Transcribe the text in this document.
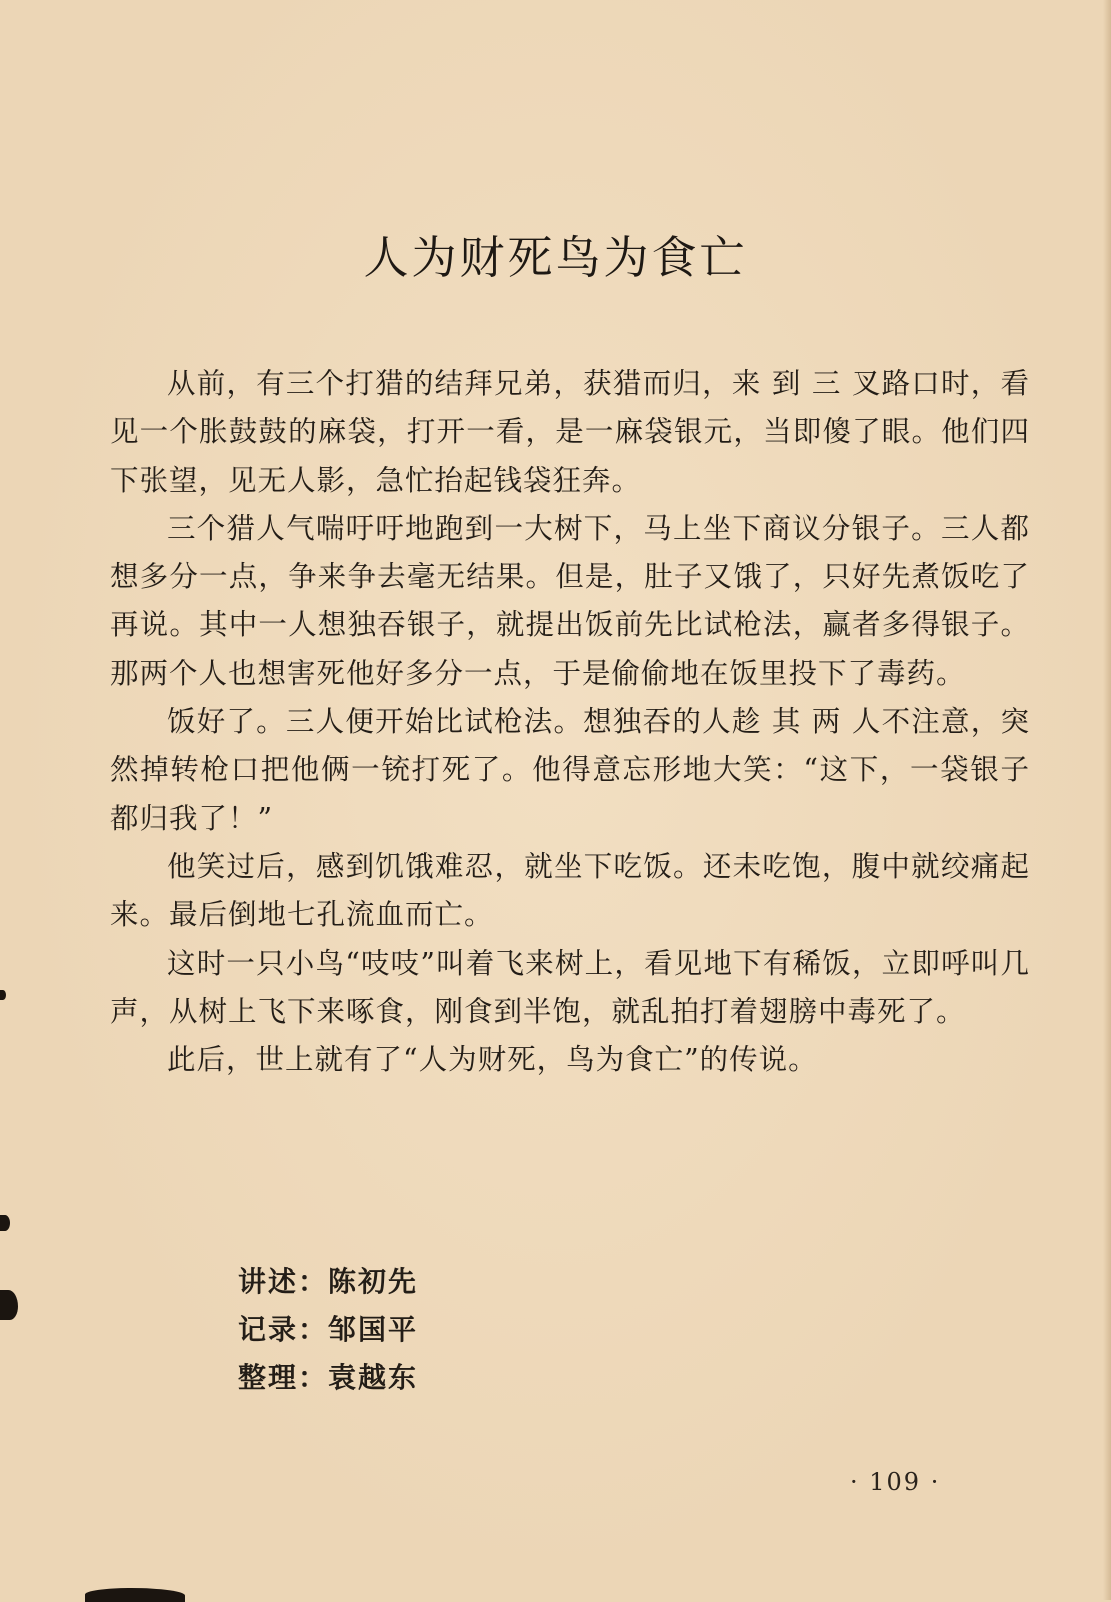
人为财死鸟为食亡

从前，有三个打猎的结拜兄弟，获猎而归，来 到 三 叉路口时，看见一个胀鼓鼓的麻袋，打开一看，是一麻袋银元，当即傻了眼。他们四下张望，见无人影，急忙抬起钱袋狂奔。

三个猎人气喘吁吁地跑到一大树下，马上坐下商议分银子。三人都想多分一点，争来争去毫无结果。但是，肚子又饿了，只好先煮饭吃了再说。其中一人想独吞银子，就提出饭前先比试枪法，赢者多得银子。那两个人也想害死他好多分一点，于是偷偷地在饭里投下了毒药。

饭好了。三人便开始比试枪法。想独吞的人趁 其 两 人不注意，突然掉转枪口把他俩一铳打死了。他得意忘形地大笑：“这下，一袋银子都归我了！”

他笑过后，感到饥饿难忍，就坐下吃饭。还未吃饱，腹中就绞痛起来。最后倒地七孔流血而亡。

这时一只小鸟“吱吱”叫着飞来树上，看见地下有稀饭，立即呼叫几声，从树上飞下来啄食，刚食到半饱，就乱拍打着翅膀中毒死了。

此后，世上就有了“人为财死，鸟为食亡”的传说。

讲述： 陈初先
记录： 邹国平
整理： 袁越东
· 109 ·
